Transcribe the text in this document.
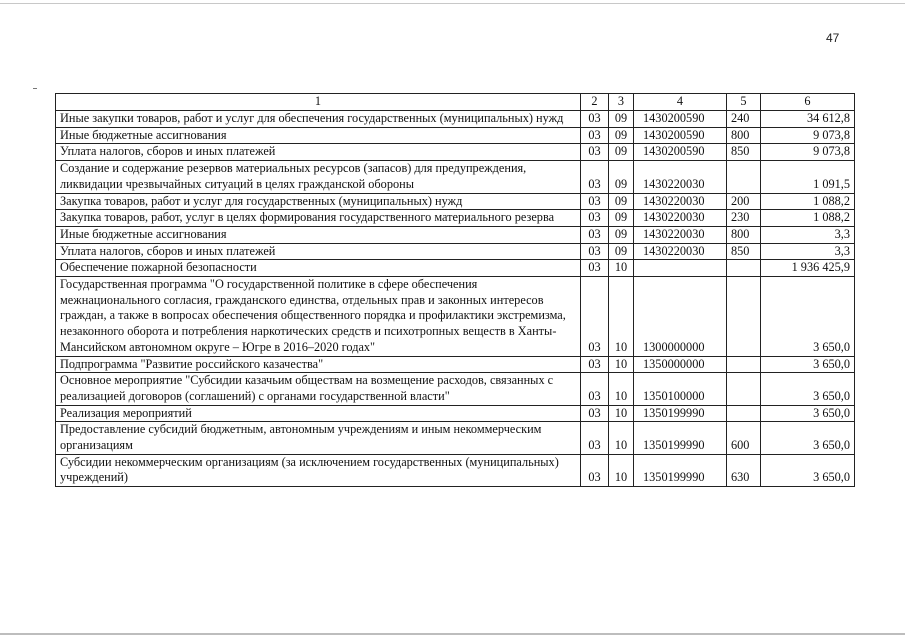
47
1	2	3	4	5	6
Иные закупки товаров, работ и услуг для обеспечения государственных (муниципальных) нужд	03	09	1430200590	240	34 612,8
Иные бюджетные ассигнования	03	09	1430200590	800	9 073,8
Уплата налогов, сборов и иных платежей	03	09	1430200590	850	9 073,8
Создание и содержание резервов материальных ресурсов (запасов) для предупреждения, ликвидации чрезвычайных ситуаций в целях гражданской обороны	03	09	1430220030		1 091,5
Закупка товаров, работ и услуг для государственных (муниципальных) нужд	03	09	1430220030	200	1 088,2
Закупка товаров, работ, услуг в целях формирования государственного материального резерва	03	09	1430220030	230	1 088,2
Иные бюджетные ассигнования	03	09	1430220030	800	3,3
Уплата налогов, сборов и иных платежей	03	09	1430220030	850	3,3
Обеспечение пожарной безопасности	03	10			1 936 425,9
Государственная программа "О государственной политике в сфере обеспечения межнационального согласия, гражданского единства, отдельных прав и законных интересов граждан, а также в вопросах обеспечения общественного порядка и профилактики экстремизма, незаконного оборота и потребления наркотических средств и психотропных веществ в Ханты-Мансийском автономном округе – Югре в 2016–2020 годах"	03	10	1300000000		3 650,0
Подпрограмма "Развитие российского казачества"	03	10	1350000000		3 650,0
Основное мероприятие "Субсидии казачьим обществам на возмещение расходов, связанных с реализацией договоров (соглашений) с органами государственной власти"	03	10	1350100000		3 650,0
Реализация мероприятий	03	10	1350199990		3 650,0
Предоставление субсидий бюджетным, автономным учреждениям и иным некоммерческим организациям	03	10	1350199990	600	3 650,0
Субсидии некоммерческим организациям (за исключением государственных (муниципальных) учреждений)	03	10	1350199990	630	3 650,0
